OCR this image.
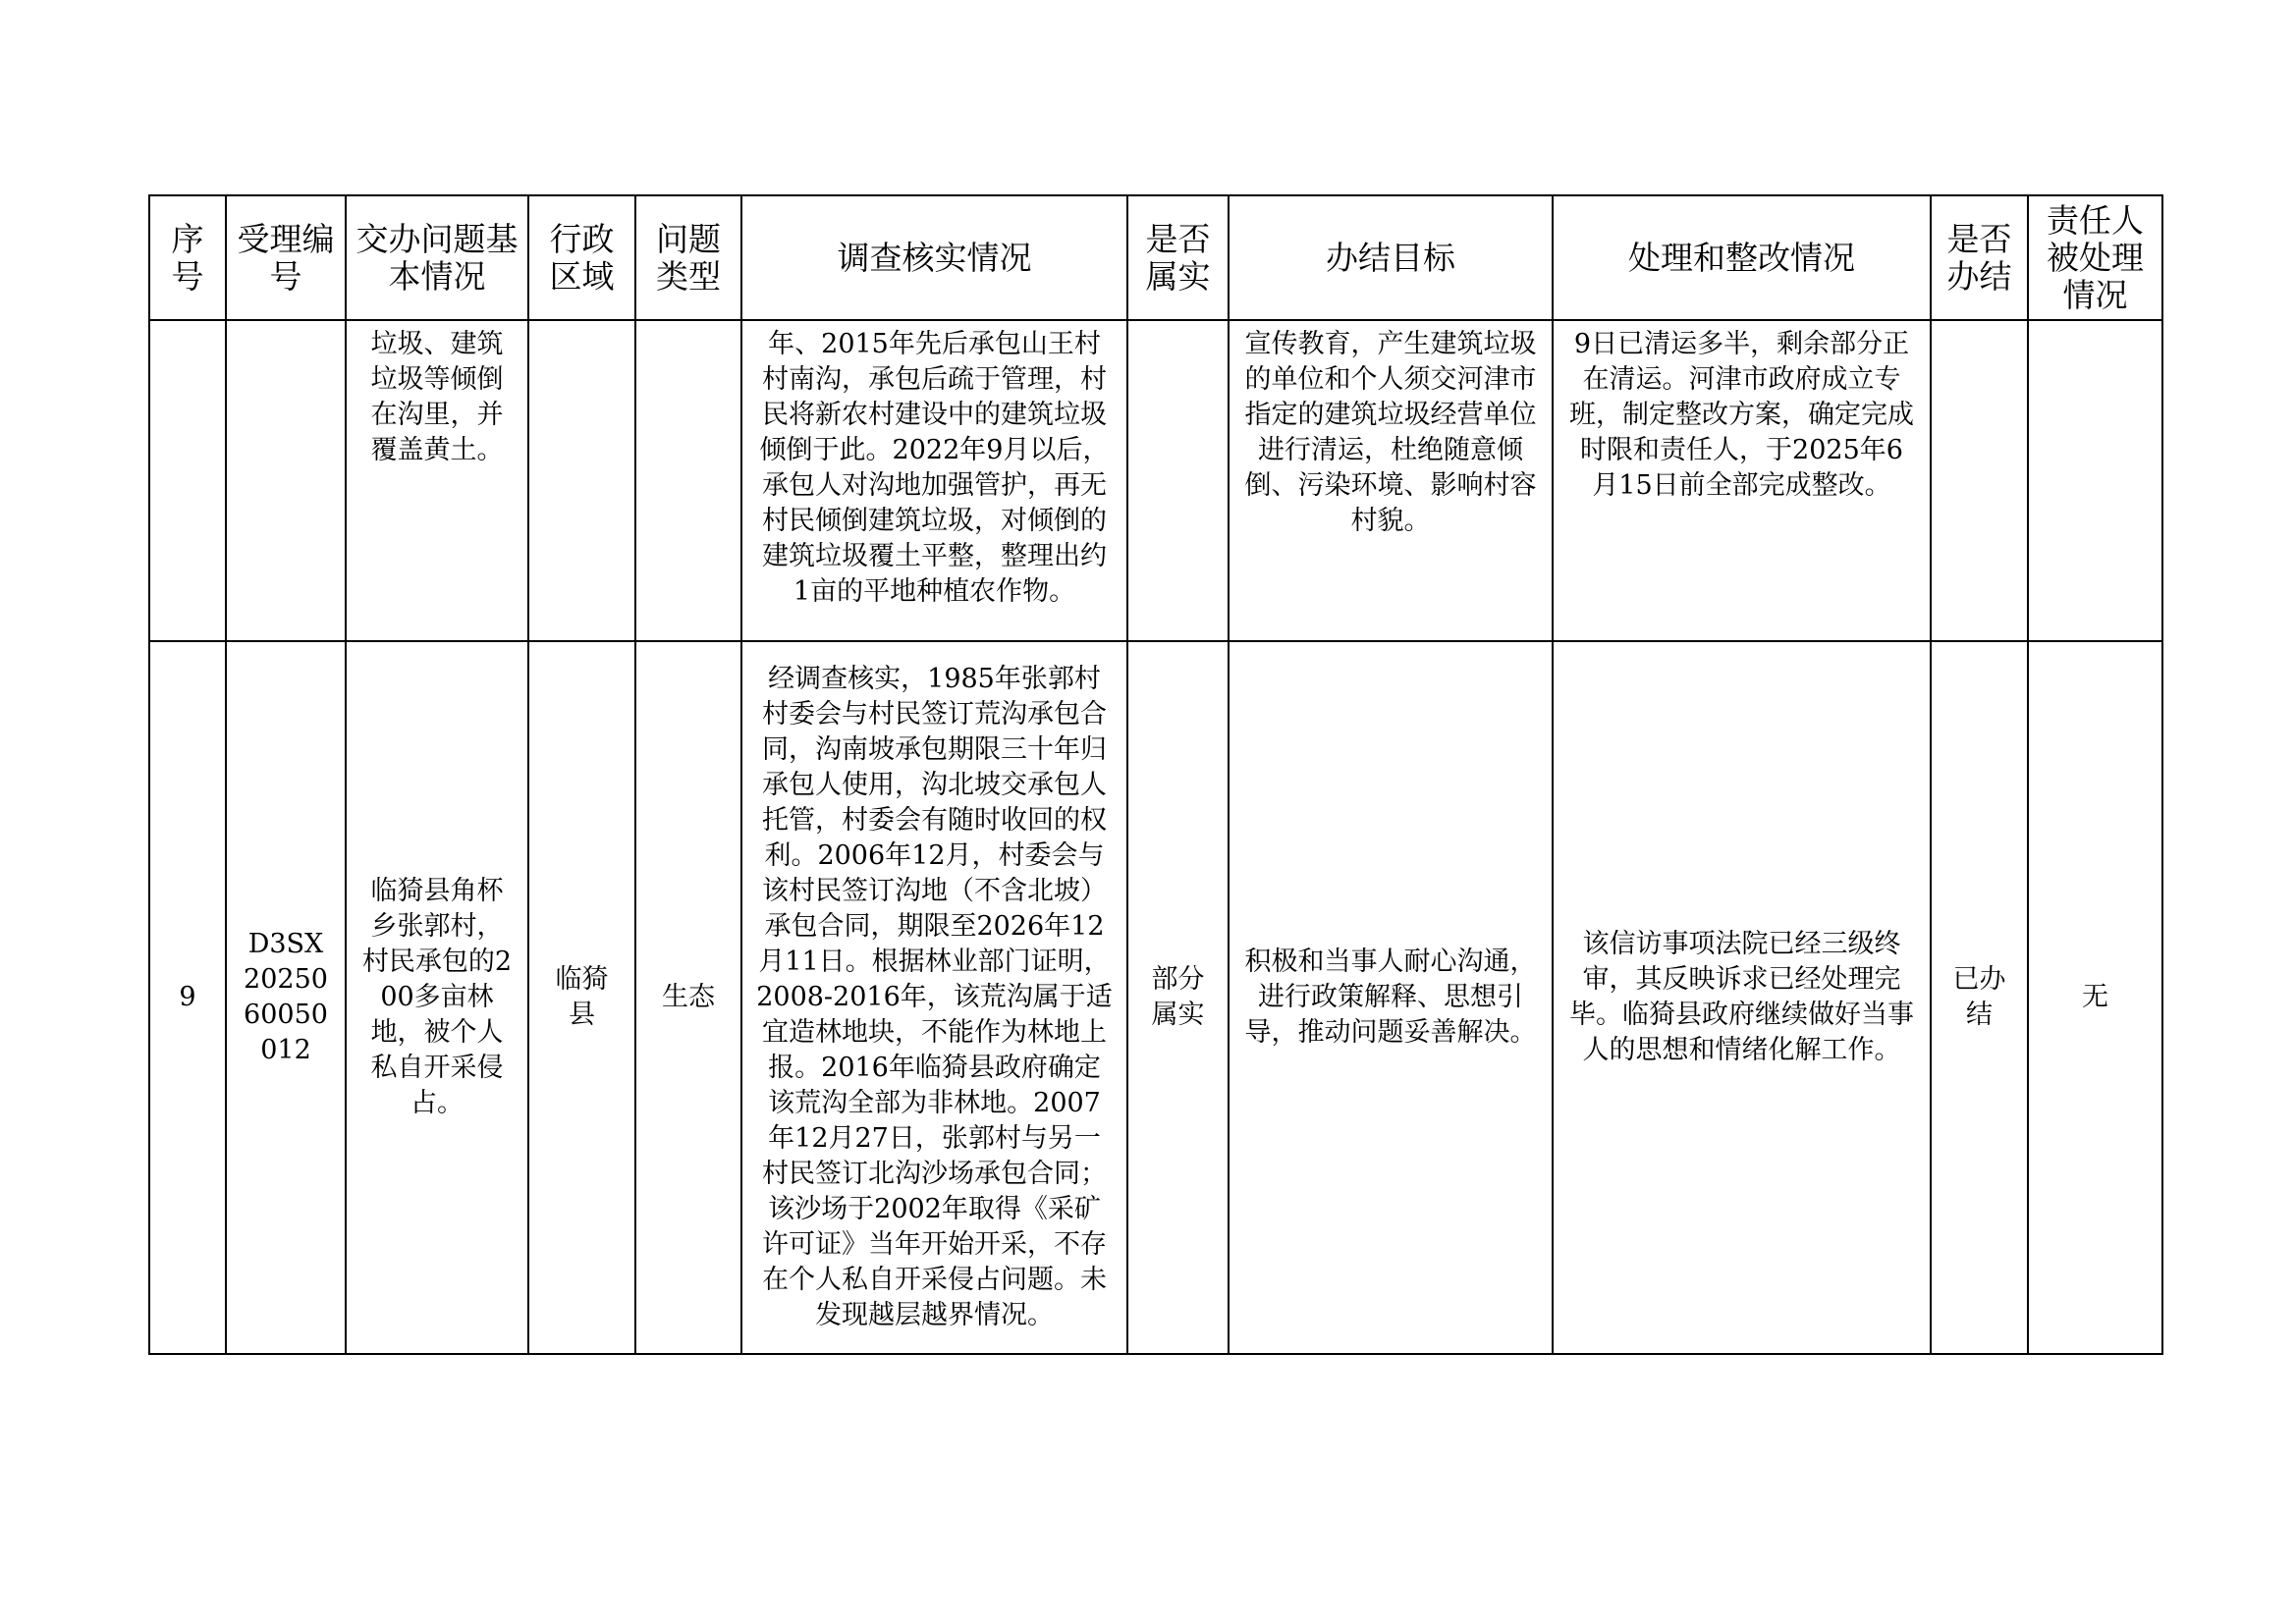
序号	受理编号	交办问题基本情况	行政区域	问题类型	调查核实情况	是否属实	办结目标	处理和整改情况	是否办结	责任人被处理情况
		垃圾、建筑垃圾等倾倒在沟里，并覆盖黄土。			年、2015年先后承包山王村村南沟，承包后疏于管理，村民将新农村建设中的建筑垃圾倾倒于此。2022年9月以后，承包人对沟地加强管护，再无村民倾倒建筑垃圾，对倾倒的建筑垃圾覆土平整，整理出约1亩的平地种植农作物。		宣传教育，产生建筑垃圾的单位和个人须交河津市指定的建筑垃圾经营单位进行清运，杜绝随意倾倒、污染环境、影响村容村貌。	9日已清运多半，剩余部分正在清运。河津市政府成立专班，制定整改方案，确定完成时限和责任人，于2025年6月15日前全部完成整改。		
9	D3SX2025060050012	临猗县角杯乡张郭村，村民承包的200多亩林地，被个人私自开采侵占。	临猗县	生态	经调查核实，1985年张郭村村委会与村民签订荒沟承包合同，沟南坡承包期限三十年归承包人使用，沟北坡交承包人托管，村委会有随时收回的权利。2006年12月，村委会与该村民签订沟地（不含北坡）承包合同，期限至2026年12月11日。根据林业部门证明，2008-2016年，该荒沟属于适宜造林地块，不能作为林地上报。2016年临猗县政府确定该荒沟全部为非林地。2007年12月27日，张郭村与另一村民签订北沟沙场承包合同；该沙场于2002年取得《采矿许可证》当年开始开采，不存在个人私自开采侵占问题。未发现越层越界情况。	部分属实	积极和当事人耐心沟通，进行政策解释、思想引导，推动问题妥善解决。	该信访事项法院已经三级终审，其反映诉求已经处理完毕。临猗县政府继续做好当事人的思想和情绪化解工作。	已办结	无
